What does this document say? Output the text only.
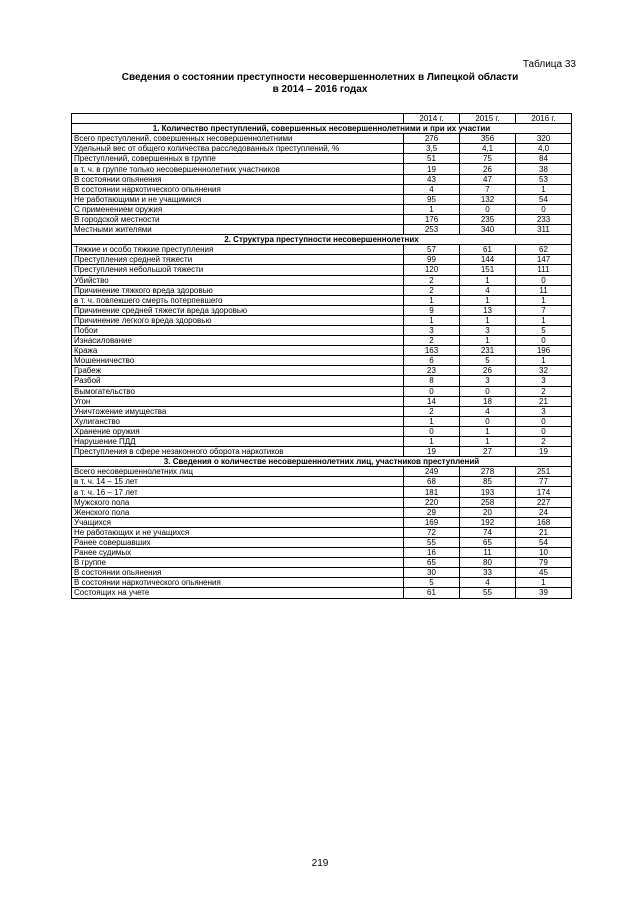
Таблица 33
Сведения о состоянии преступности несовершеннолетних в Липецкой области
в 2014 – 2016 годах
	2014 г.	2015 г.	2016 г.
1. Количество преступлений, совершенных несовершеннолетними и при их участии			
Всего преступлений, совершенных несовершеннолетними	276	356	320
Удельный вес от общего количества расследованных преступлений, %	3,5	4,1	4,0
Преступлений, совершенных в группе	51	75	84
в т. ч. в группе только несовершеннолетних участников	19	26	38
В состоянии опьянения	43	47	53
В состоянии наркотического опьянения	4	7	1
Не работающими и не учащимися	95	132	54
С применением оружия	1	0	0
В городской местности	176	235	233
Местными жителями	253	340	311
2. Структура преступности несовершеннолетних			
Тяжкие и особо тяжкие преступления	57	61	62
Преступления средней тяжести	99	144	147
Преступления небольшой тяжести	120	151	111
Убийство	2	1	0
Причинение тяжкого вреда здоровью	2	4	11
в т. ч. повлекшего смерть потерпевшего	1	1	1
Причинение средней тяжести вреда здоровью	9	13	7
Причинение легкого вреда здоровью	1	1	1
Побои	3	3	5
Изнасилование	2	1	0
Кража	163	231	196
Мошенничество	6	5	1
Грабеж	23	26	32
Разбой	8	3	3
Вымогательство	0	0	2
Угон	14	18	21
Уничтожение имущества	2	4	3
Хулиганство	1	0	0
Хранение оружия	0	1	0
Нарушение ПДД	1	1	2
Преступления в сфере незаконного оборота наркотиков	19	27	19
3. Сведения о количестве несовершеннолетних лиц, участников преступлений			
Всего несовершеннолетних лиц	249	278	251
в т. ч. 14 – 15 лет	68	85	77
в т. ч. 16 – 17 лет	181	193	174
Мужского пола	220	258	227
Женского пола	29	20	24
Учащихся	169	192	168
Не работающих и не учащихся	72	74	21
Ранее совершавших	55	65	54
Ранее судимых	16	11	10
В группе	65	80	79
В состоянии опьянения	30	33	45
В состоянии наркотического опьянения	5	4	1
Состоящих на учете	61	55	39
219
